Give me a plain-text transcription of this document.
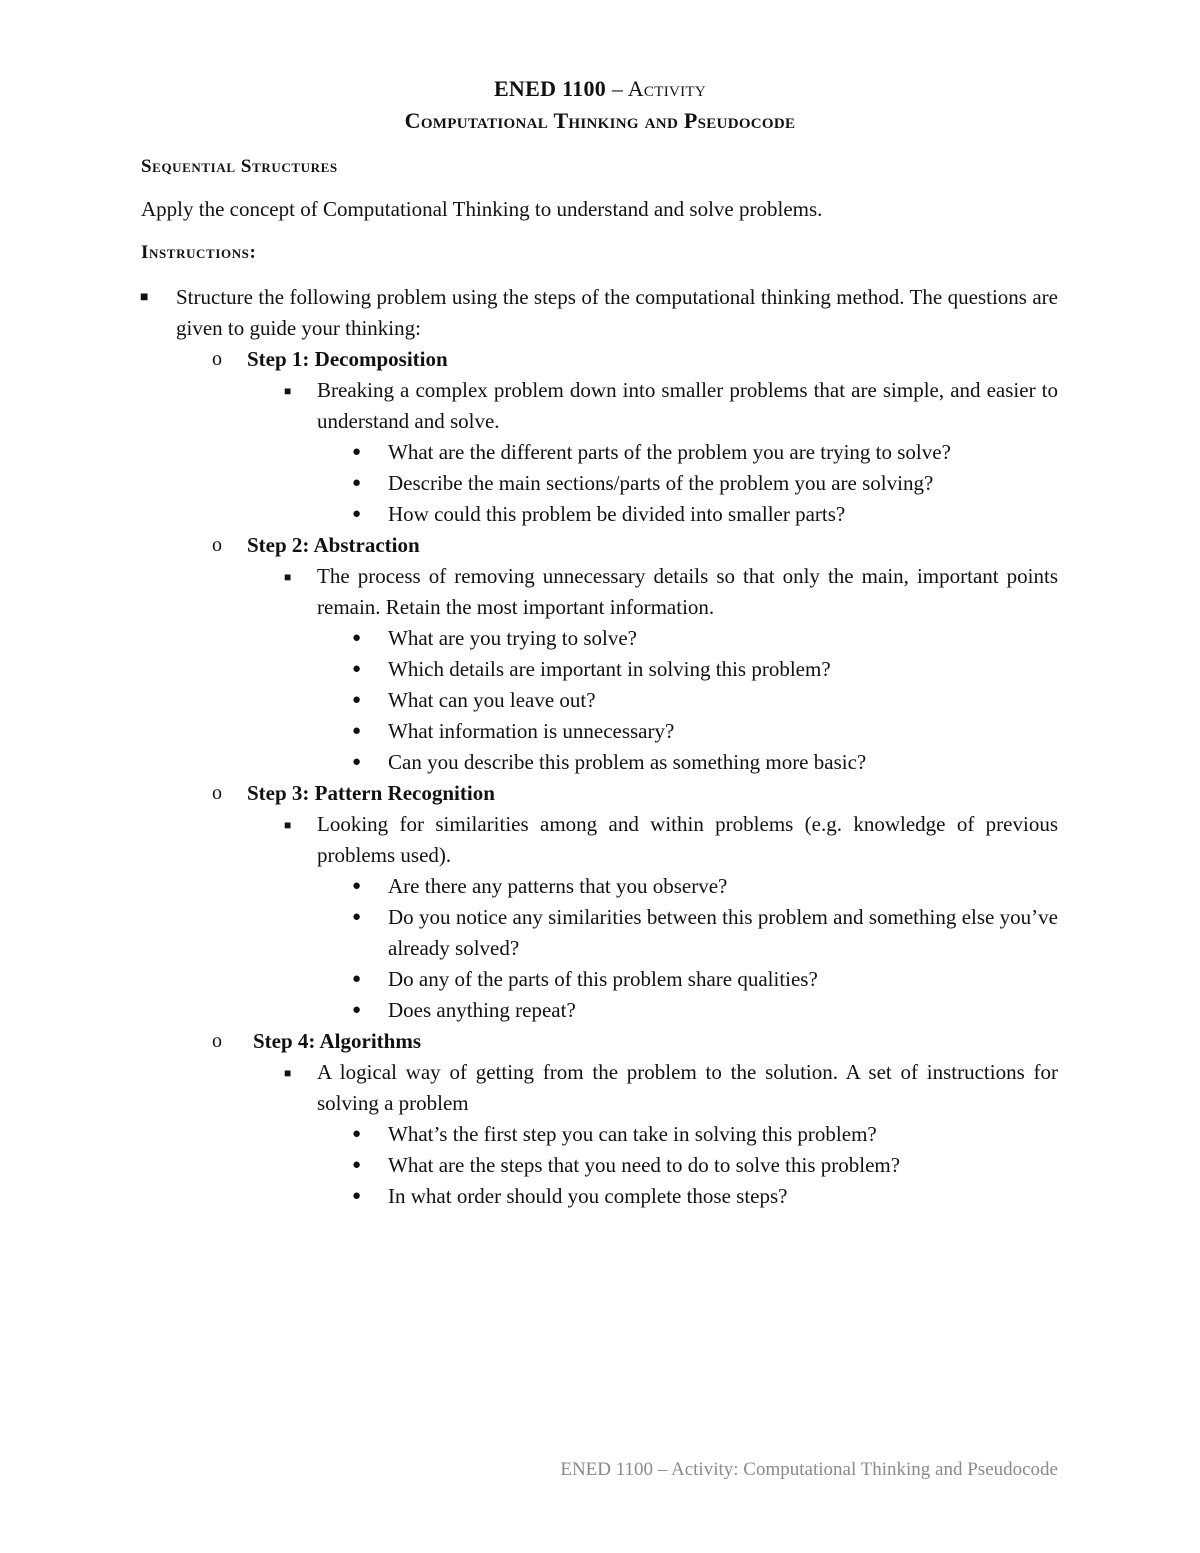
ENED 1100 – Activity
Computational Thinking and Pseudocode
Sequential Structures
Apply the concept of Computational Thinking to understand and solve problems.
Instructions:
■ Structure the following problem using the steps of the computational thinking method. The questions are given to guide your thinking:
o Step 1: Decomposition
■ Breaking a complex problem down into smaller problems that are simple, and easier to understand and solve.
● What are the different parts of the problem you are trying to solve?
● Describe the main sections/parts of the problem you are solving?
● How could this problem be divided into smaller parts?
o Step 2: Abstraction
■ The process of removing unnecessary details so that only the main, important points remain. Retain the most important information.
● What are you trying to solve?
● Which details are important in solving this problem?
● What can you leave out?
● What information is unnecessary?
● Can you describe this problem as something more basic?
o Step 3: Pattern Recognition
■ Looking for similarities among and within problems (e.g. knowledge of previous problems used).
● Are there any patterns that you observe?
● Do you notice any similarities between this problem and something else you’ve already solved?
● Do any of the parts of this problem share qualities?
● Does anything repeat?
o Step 4: Algorithms
■ A logical way of getting from the problem to the solution. A set of instructions for solving a problem
● What’s the first step you can take in solving this problem?
● What are the steps that you need to do to solve this problem?
● In what order should you complete those steps?
ENED 1100 – Activity: Computational Thinking and Pseudocode
